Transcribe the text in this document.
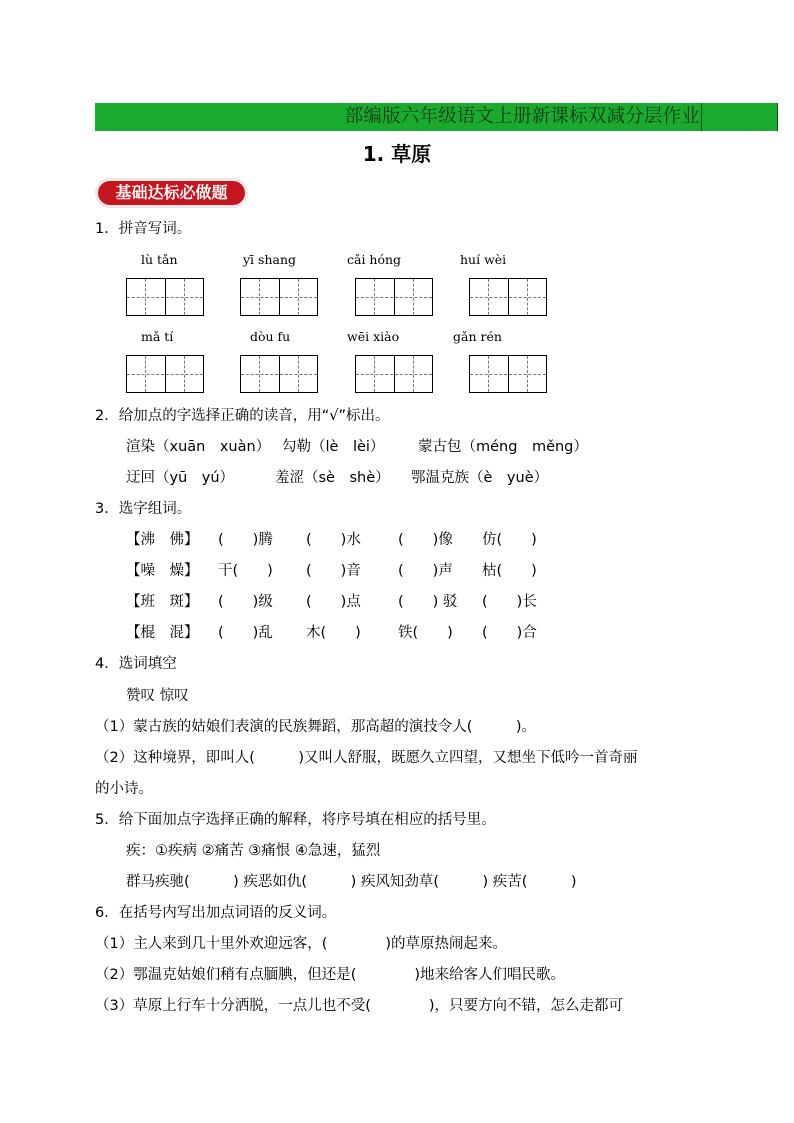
部编版六年级语文上册新课标双减分层作业
1. 草原
基础达标必做题
1．拼音写词。
lù tǎn	yī shang	cǎi hóng	huí wèi
mǎ tí	dòu fu	wēi xiào	gǎn rén
2．给加点的字选择正确的读音，用“√”标出。
渲染（xuān　xuàn） 勾勒（lè　lèi） 蒙古包（méng　měng）
迂回（yū　yú）	羞涩（sè　shè） 鄂温克族（è　yuè）
3．选字组词。
【沸　佛】 (　　)腾 (　　)水	(　　)像 仿(　　)
【噪　燥】 干(　　) (　　)音	(　　)声 枯(　　)
【班　斑】 (　　)级 (　　)点	(　　) 驳 (　　)长
【棍　混】 (　　)乱 木(　　)	铁(　　) (　　)合
4．选词填空
赞叹 惊叹
（1）蒙古族的姑娘们表演的民族舞蹈，那高超的演技令人(　　　)。
（2）这种境界，即叫人(　　　)又叫人舒服，既愿久立四望，又想坐下低吟一首奇丽
的小诗。
5．给下面加点字选择正确的解释，将序号填在相应的括号里。
疾：①疾病 ②痛苦 ③痛恨 ④急速，猛烈
群马疾驰(　　　) 疾恶如仇(　　　) 疾风知劲草(　　　) 疾苦(　　　)
6．在括号内写出加点词语的反义词。
（1）主人来到几十里外欢迎远客，(　　　　)的草原热闹起来。
（2）鄂温克姑娘们稍有点腼腆，但还是(　　　　)地来给客人们唱民歌。
（3）草原上行车十分洒脱，一点儿也不受(　　　　)，只要方向不错，怎么走都可
